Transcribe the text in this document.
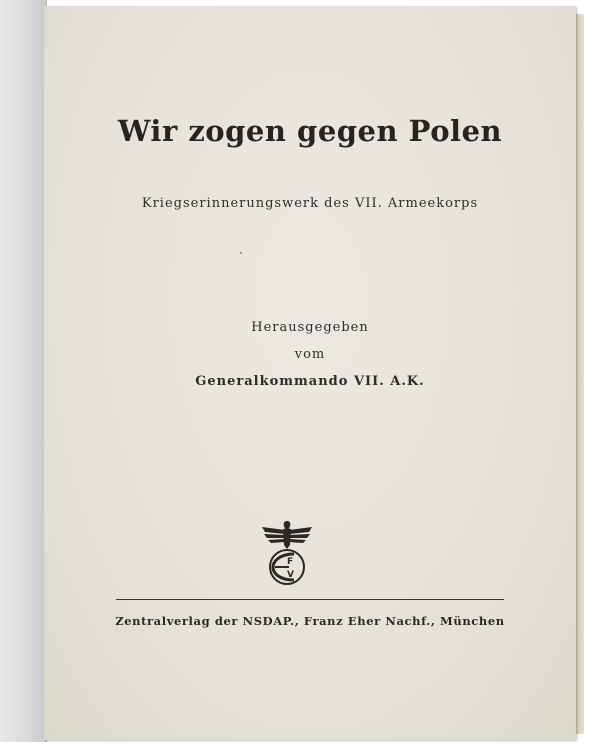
Wir zogen gegen Polen
Kriegserinnerungswerk des VII. Armeekorps
Herausgegeben
vom
Generalkommando VII. A.K.
F
V
Zentralverlag der NSDAP., Franz Eher Nachf., München
